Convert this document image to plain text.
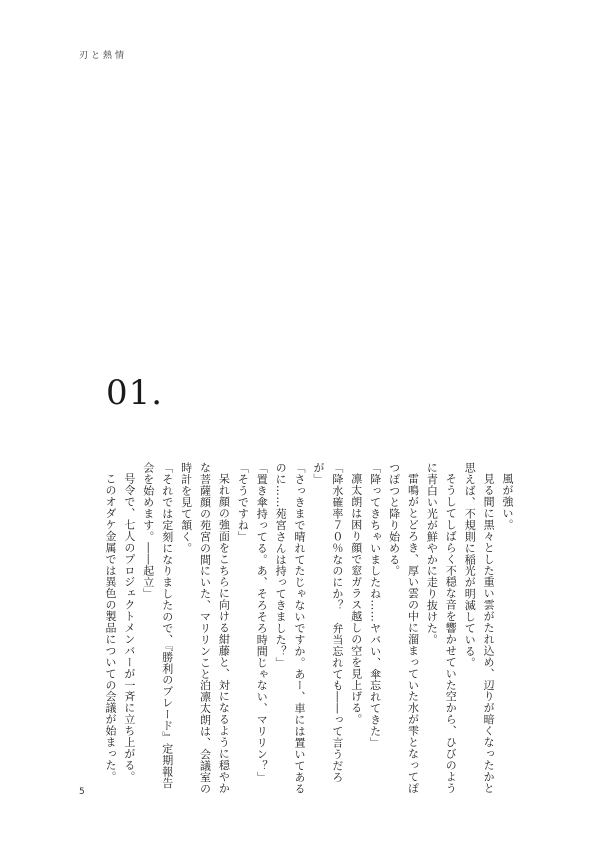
刃と熱情
01.

風が強い。

見る間に黒々とした重い雲がたれ込め、辺りが暗くなったかと思えば、不規則に稲光が明滅している。

そうしてしばらく不穏な音を響かせていた空から、ひびのように青白い光が鮮やかに走り抜けた。

雷鳴がとどろき、厚い雲の中に溜まっていた水が雫となってぽつぽつと降り始める。

「降ってきちゃいましたね……ヤバい、傘忘れてきた」

凛太朗は困り顔で窓ガラス越しの空を見上げる。

「降水確率７０％なのにか？　弁当忘れても――って言うだろが」

「さっきまで晴れてたじゃないですか。あー、車には置いてあるのに……苑宮さんは持ってきました？」

「置き傘持ってる。あ、そろそろ時間じゃない、マリリン？」

「そうですね」

呆れ顔の強面をこちらに向ける紺藤と、対になるように穏やかな菩薩顔の苑宮の間にいた、マリリンこと泊凛太朗は、会議室の時計を見て頷く。

「それでは定刻になりましたので、『勝利のブレード』定期報告会を始めます。――起立」

号令で、七人のプロジェクトメンバーが一斉に立ち上がる。

このオダケ金属では異色の製品についての会議が始まった。

5
